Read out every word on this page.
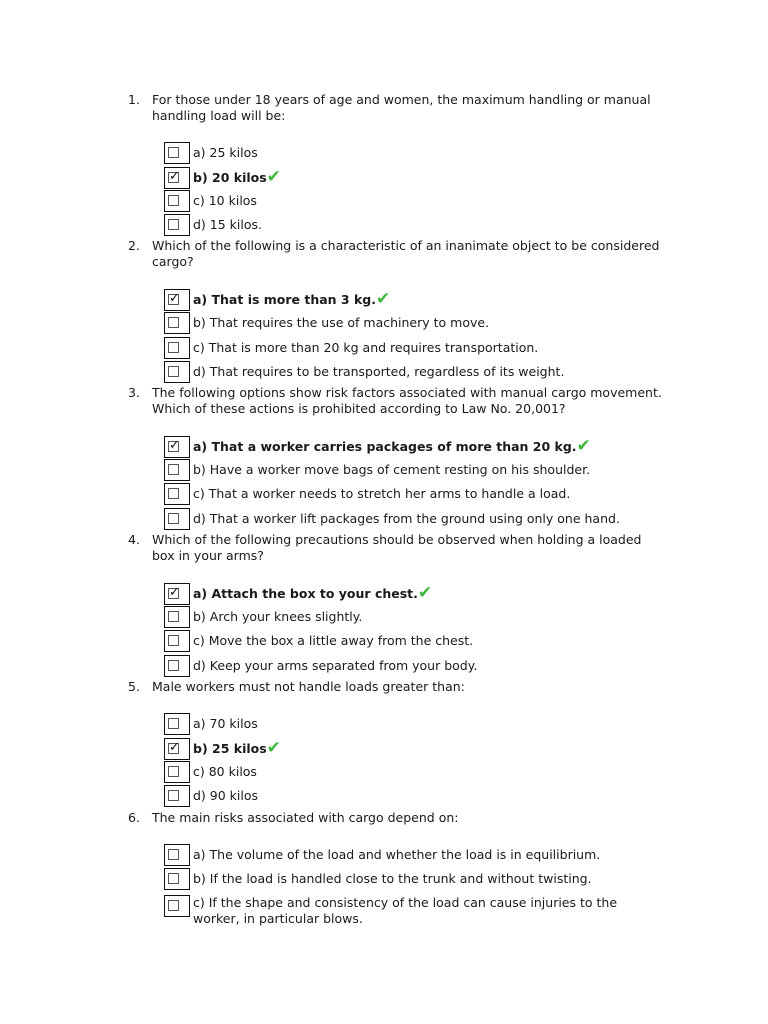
1. For those under 18 years of age and women, the maximum handling or manual handling load will be:
a) 25 kilos
✓ b) 20 kilos✔
c) 10 kilos
d) 15 kilos.
2. Which of the following is a characteristic of an inanimate object to be considered cargo?
✓ a) That is more than 3 kg.✔
b) That requires the use of machinery to move.
c) That is more than 20 kg and requires transportation.
d) That requires to be transported, regardless of its weight.
3. The following options show risk factors associated with manual cargo movement. Which of these actions is prohibited according to Law No. 20,001?
✓ a) That a worker carries packages of more than 20 kg.✔
b) Have a worker move bags of cement resting on his shoulder.
c) That a worker needs to stretch her arms to handle a load.
d) That a worker lift packages from the ground using only one hand.
4. Which of the following precautions should be observed when holding a loaded box in your arms?
✓ a) Attach the box to your chest.✔
b) Arch your knees slightly.
c) Move the box a little away from the chest.
d) Keep your arms separated from your body.
5. Male workers must not handle loads greater than:
a) 70 kilos
✓ b) 25 kilos✔
c) 80 kilos
d) 90 kilos
6. The main risks associated with cargo depend on:
a) The volume of the load and whether the load is in equilibrium.
b) If the load is handled close to the trunk and without twisting.
c) If the shape and consistency of the load can cause injuries to the worker, in particular blows.
